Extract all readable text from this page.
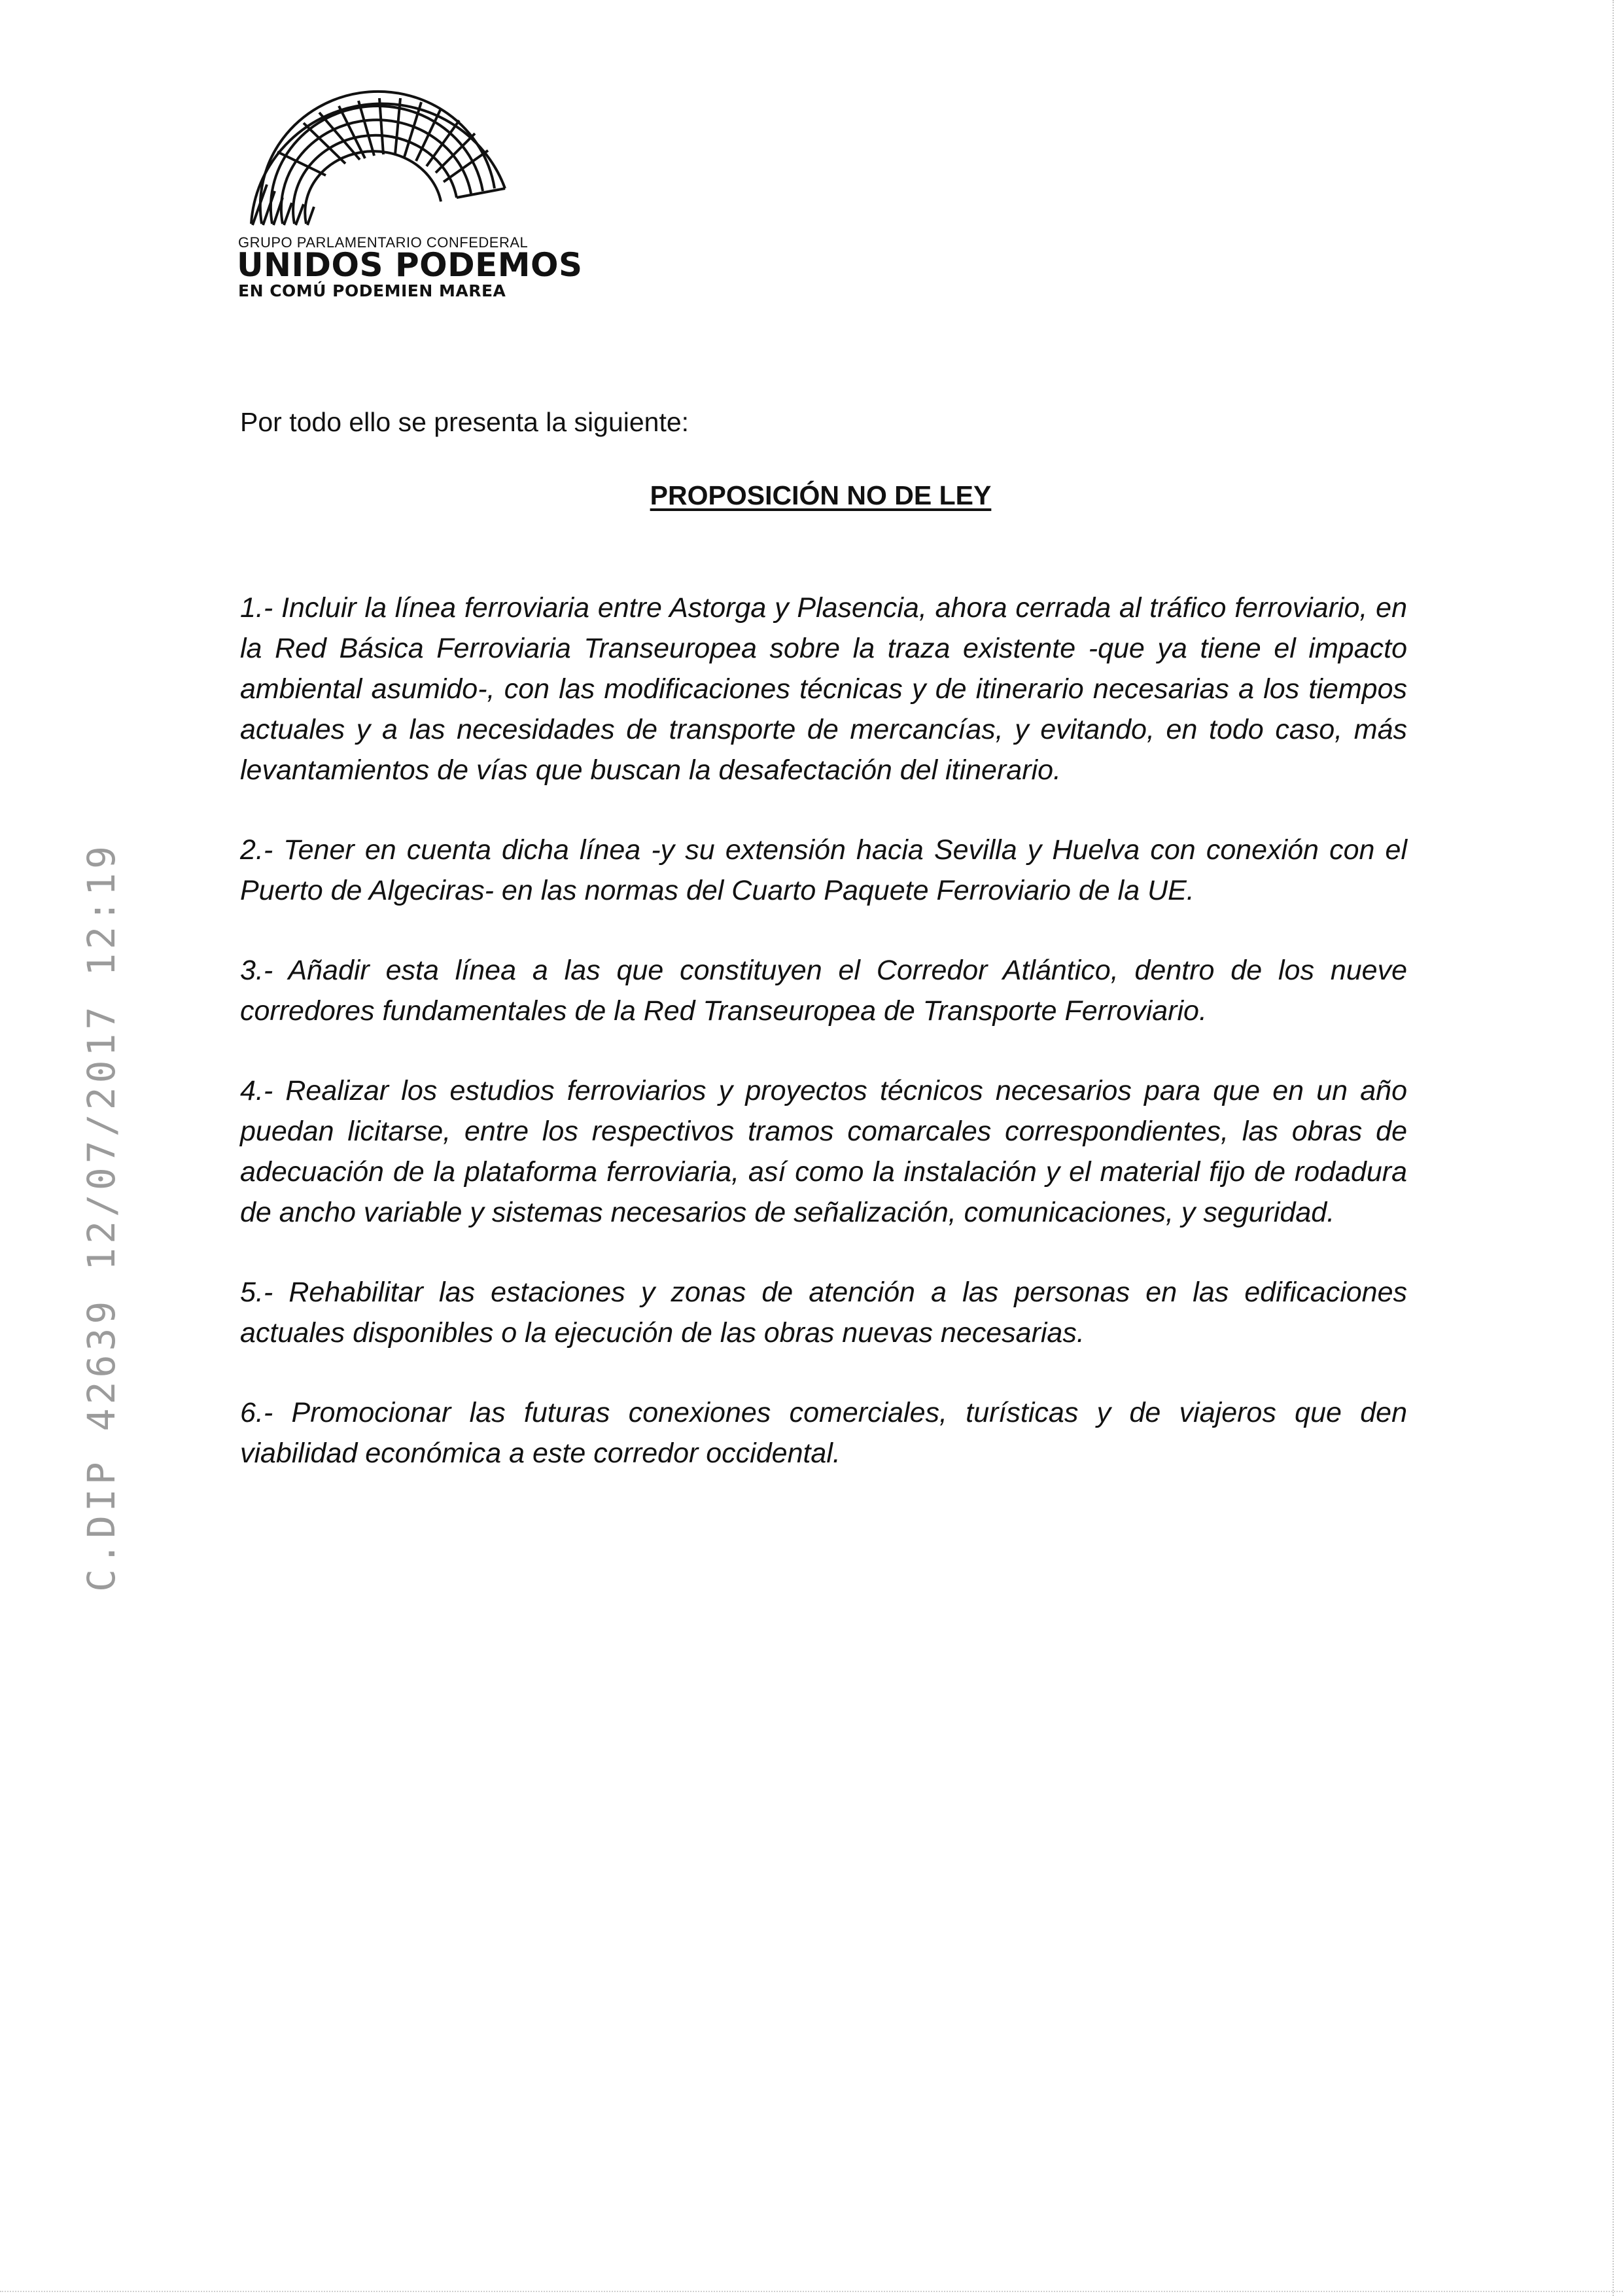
GRUPO PARLAMENTARIO CONFEDERAL
UNIDOS PODEMOS
EN COMÚ PODEMIEN MAREA
Por todo ello se presenta la siguiente:
PROPOSICIÓN NO DE LEY

1.- Incluir la línea ferroviaria entre Astorga y Plasencia, ahora cerrada al tráfico ferroviario, en la Red Básica Ferroviaria Transeuropea sobre la traza existente -que ya tiene el impacto ambiental asumido-, con las modificaciones técnicas y de itinerario necesarias a los tiempos actuales y a las necesidades de transporte de mercancías, y evitando, en todo caso, más levantamientos de vías que buscan la desafectación del itinerario.

2.- Tener en cuenta dicha línea -y su extensión hacia Sevilla y Huelva con conexión con el Puerto de Algeciras- en las normas del Cuarto Paquete Ferroviario de la UE.

3.- Añadir esta línea a las que constituyen el Corredor Atlántico, dentro de los nueve corredores fundamentales de la Red Transeuropea de Transporte Ferroviario.

4.- Realizar los estudios ferroviarios y proyectos técnicos necesarios para que en un año puedan licitarse, entre los respectivos tramos comarcales correspondientes, las obras de adecuación de la plataforma ferroviaria, así como la instalación y el material fijo de rodadura de ancho variable y sistemas necesarios de señalización, comunicaciones, y seguridad.

5.- Rehabilitar las estaciones y zonas de atención a las personas en las edificaciones actuales disponibles o la ejecución de las obras nuevas necesarias.

6.- Promocionar las futuras conexiones comerciales, turísticas y de viajeros que den viabilidad económica a este corredor occidental.

C.DIP 42639 12/07/2017 12:19
